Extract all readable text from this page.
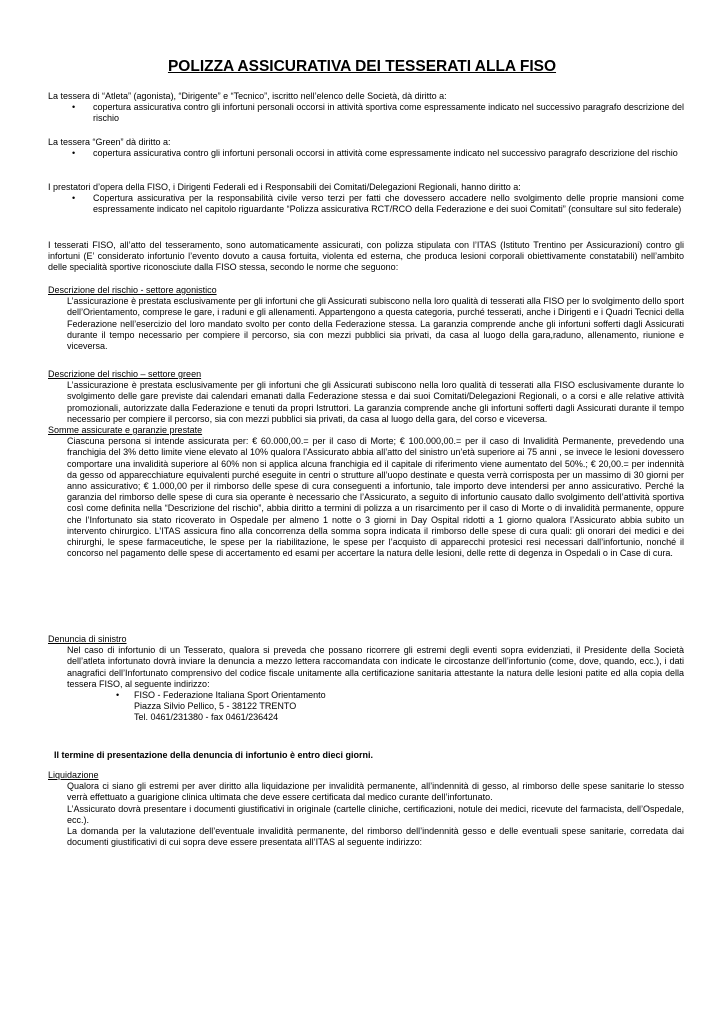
POLIZZA ASSICURATIVA DEI TESSERATI ALLA FISO

La tessera di “Atleta” (agonista), “Dirigente” e “Tecnico”, iscritto nell’elenco delle Società, dà diritto a:

• copertura assicurativa contro gli infortuni personali occorsi in attività sportiva come espressamente indicato nel successivo paragrafo descrizione del rischio

La tessera “Green” dà diritto a:

• copertura assicurativa contro gli infortuni personali occorsi in attività come espressamente indicato nel successivo paragrafo descrizione del rischio

I prestatori d’opera della FISO, i Dirigenti Federali ed i Responsabili dei Comitati/Delegazioni Regionali, hanno diritto a:

• Copertura assicurativa per la responsabilità civile verso terzi per fatti che dovessero accadere nello svolgimento delle proprie mansioni come espressamente indicato nel capitolo riguardante “Polizza assicurativa RCT/RCO della Federazione e dei suoi Comitati” (consultare sul sito federale)

I tesserati FISO, all’atto del tesseramento, sono automaticamente assicurati, con polizza stipulata con l’ITAS (Istituto Trentino per Assicurazioni) contro gli infortuni (E’ considerato infortunio l’evento dovuto a causa fortuita, violenta ed esterna, che produca lesioni corporali obiettivamente constatabili) nell’ambito delle specialità sportive riconosciute dalla FISO stessa, secondo le norme che seguono:

Descrizione del rischio - settore agonistico

L’assicurazione è prestata esclusivamente per gli infortuni che gli Assicurati subiscono nella loro qualità di tesserati alla FISO per lo svolgimento dello sport dell’Orientamento, comprese le gare, i raduni e gli allenamenti. Appartengono a questa categoria, purché tesserati, anche i Dirigenti e i Quadri Tecnici della Federazione nell’esercizio del loro mandato svolto per conto della Federazione stessa. La garanzia comprende anche gli infortuni sofferti dagli Assicurati durante il tempo necessario per compiere il percorso, sia con mezzi pubblici sia privati, da casa al luogo della gara,raduno, allenamento, riunione e viceversa.

Descrizione del rischio – settore green

L’assicurazione è prestata esclusivamente per gli infortuni che gli Assicurati subiscono nella loro qualità di tesserati alla FISO esclusivamente durante lo svolgimento delle gare previste dai calendari emanati dalla Federazione stessa e dai suoi Comitati/Delegazioni Regionali, o a corsi e alle relative attività promozionali, autorizzate dalla Federazione e tenuti da propri Istruttori. La garanzia comprende anche gli infortuni sofferti dagli Assicurati durante il tempo necessario per compiere il percorso, sia con mezzi pubblici sia privati, da casa al luogo della gara, del corso e viceversa.

Somme assicurate e garanzie prestate

Ciascuna persona si intende assicurata per: € 60.000,00.= per il caso di Morte; € 100.000,00.= per il caso di Invalidità Permanente, prevedendo una franchigia del 3% detto limite viene elevato al 10% qualora l’Assicurato abbia all’atto del sinistro un’età superiore ai 75 anni , se invece le lesioni dovessero comportare una invalidità superiore al 60% non si applica alcuna franchigia ed il capitale di riferimento viene aumentato del 50%.; € 20,00.= per indennità da gesso od apparecchiature equivalenti purché eseguite in centri o strutture all’uopo destinate e questa verrà corrisposta per un massimo di 30 giorni per anno assicurativo; € 1.000,00 per il rimborso delle spese di cura conseguenti a infortunio, tale importo deve intendersi per anno assicurativo. Perché la garanzia del rimborso delle spese di cura sia operante è necessario che l’Assicurato, a seguito di infortunio causato dallo svolgimento dell’attività sportiva così come definita nella “Descrizione del rischio”, abbia diritto a termini di polizza a un risarcimento per il caso di Morte o di invalidità permanente, oppure che l’Infortunato sia stato ricoverato in Ospedale per almeno 1 notte o 3 giorni in Day Ospital ridotti a 1 giorno qualora l’Assicurato abbia subito un intervento chirurgico. L’ITAS assicura fino alla concorrenza della somma sopra indicata il rimborso delle spese di cura quali: gli onorari dei medici e dei chirurghi, le spese farmaceutiche, le spese per la riabilitazione, le spese per l’acquisto di apparecchi protesici resi necessari dall’infortunio, nonché il concorso nel pagamento delle spese di accertamento ed esami per accertare la natura delle lesioni, delle rette di degenza in Ospedali o in Case di cura.

Denuncia di sinistro

Nel caso di infortunio di un Tesserato, qualora si preveda che possano ricorrere gli estremi degli eventi sopra evidenziati, il Presidente della Società dell’atleta infortunato dovrà inviare la denuncia a mezzo lettera raccomandata con indicate le circostanze dell’infortunio (come, dove, quando, ecc.), i dati anagrafici dell’Infortunato comprensivo del codice fiscale unitamente alla certificazione sanitaria attestante la natura delle lesioni patite ed alla copia della tessera FISO, al seguente indirizzo:

• FISO - Federazione Italiana Sport Orientamento
Piazza Silvio Pellico, 5 - 38122 TRENTO
Tel. 0461/231380 - fax 0461/236424

Il termine di presentazione della denuncia di infortunio è entro dieci giorni.

Liquidazione

Qualora ci siano gli estremi per aver diritto alla liquidazione per invalidità permanente, all’indennità di gesso, al rimborso delle spese sanitarie lo stesso verrà effettuato a guarigione clinica ultimata che deve essere certificata dal medico curante dell’infortunato.

L’Assicurato dovrà presentare i documenti giustificativi in originale (cartelle cliniche, certificazioni, notule dei medici, ricevute del farmacista, dell’Ospedale, ecc.).

La domanda per la valutazione dell’eventuale invalidità permanente, del rimborso dell’indennità gesso e delle eventuali spese sanitarie, corredata dai documenti giustificativi di cui sopra deve essere presentata all’ITAS al seguente indirizzo:
